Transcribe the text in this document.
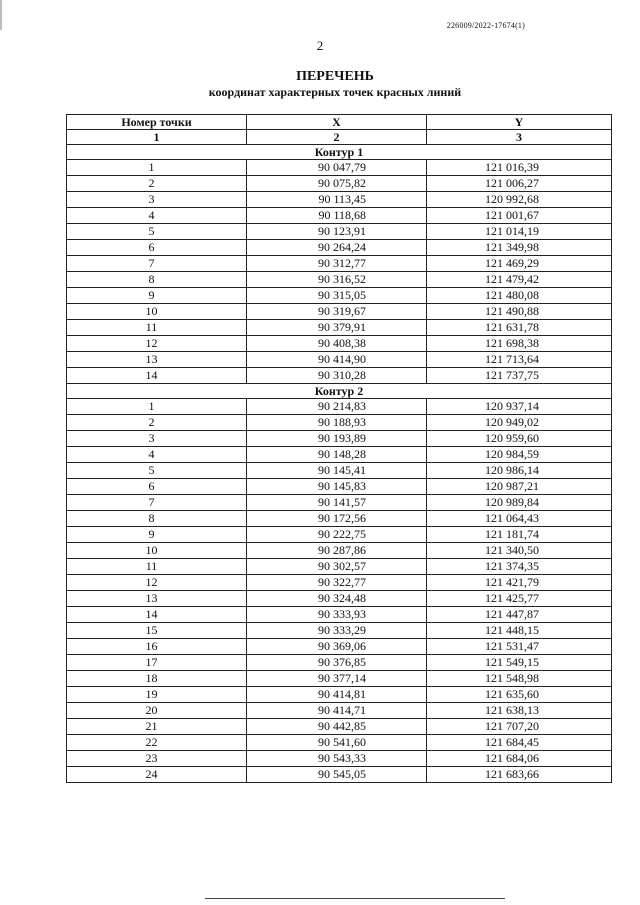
226009/2022-17674(1)
2
ПЕРЕЧЕНЬ
координат характерных точек красных линий
Номер точки	X	Y
1	2	3
Контур 1		
1	90 047,79	121 016,39
2	90 075,82	121 006,27
3	90 113,45	120 992,68
4	90 118,68	121 001,67
5	90 123,91	121 014,19
6	90 264,24	121 349,98
7	90 312,77	121 469,29
8	90 316,52	121 479,42
9	90 315,05	121 480,08
10	90 319,67	121 490,88
11	90 379,91	121 631,78
12	90 408,38	121 698,38
13	90 414,90	121 713,64
14	90 310,28	121 737,75
Контур 2		
1	90 214,83	120 937,14
2	90 188,93	120 949,02
3	90 193,89	120 959,60
4	90 148,28	120 984,59
5	90 145,41	120 986,14
6	90 145,83	120 987,21
7	90 141,57	120 989,84
8	90 172,56	121 064,43
9	90 222,75	121 181,74
10	90 287,86	121 340,50
11	90 302,57	121 374,35
12	90 322,77	121 421,79
13	90 324,48	121 425,77
14	90 333,93	121 447,87
15	90 333,29	121 448,15
16	90 369,06	121 531,47
17	90 376,85	121 549,15
18	90 377,14	121 548,98
19	90 414,81	121 635,60
20	90 414,71	121 638,13
21	90 442,85	121 707,20
22	90 541,60	121 684,45
23	90 543,33	121 684,06
24	90 545,05	121 683,66
